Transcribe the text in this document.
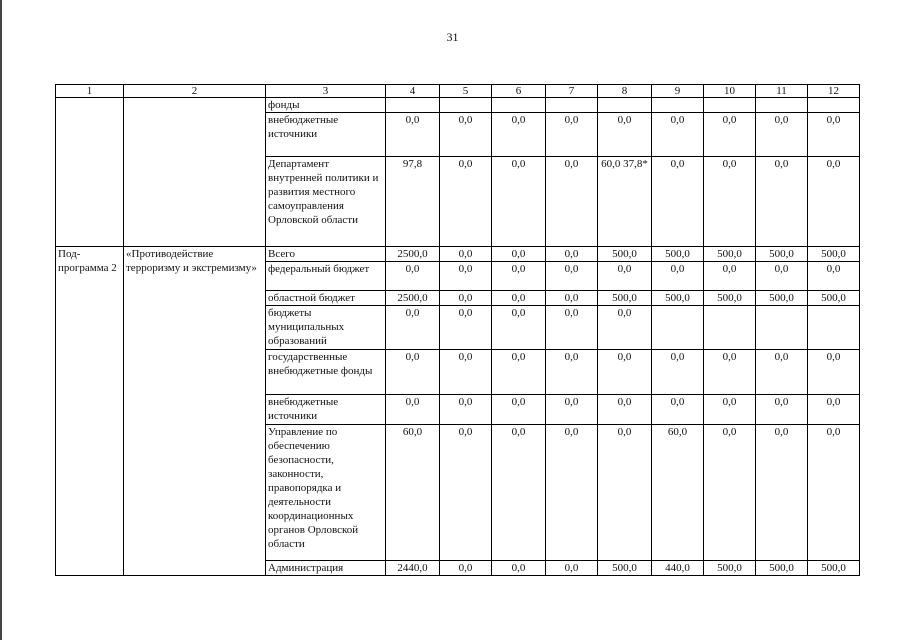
31
1	2	3	4	5	6	7	8	9	10	11	12
		фонды									
		внебюджетные источники	0,0	0,0	0,0	0,0	0,0	0,0	0,0	0,0	0,0
		Департамент внутренней политики и развития местного самоуправления Орловской области	97,8	0,0	0,0	0,0	60,0 37,8*	0,0	0,0	0,0	0,0
Под-программа 2	«Противодействие терроризму и экстремизму»	Всего	2500,0	0,0	0,0	0,0	500,0	500,0	500,0	500,0	500,0
		федеральный бюджет	0,0	0,0	0,0	0,0	0,0	0,0	0,0	0,0	0,0
		областной бюджет	2500,0	0,0	0,0	0,0	500,0	500,0	500,0	500,0	500,0
		бюджеты муниципальных образований	0,0	0,0	0,0	0,0	0,0				
		государственные внебюджетные фонды	0,0	0,0	0,0	0,0	0,0	0,0	0,0	0,0	0,0
		внебюджетные источники	0,0	0,0	0,0	0,0	0,0	0,0	0,0	0,0	0,0
		Управление по обеспечению безопасности, законности, правопорядка и деятельности координационных органов Орловской области	60,0	0,0	0,0	0,0	0,0	60,0	0,0	0,0	0,0
		Администрация	2440,0	0,0	0,0	0,0	500,0	440,0	500,0	500,0	500,0
